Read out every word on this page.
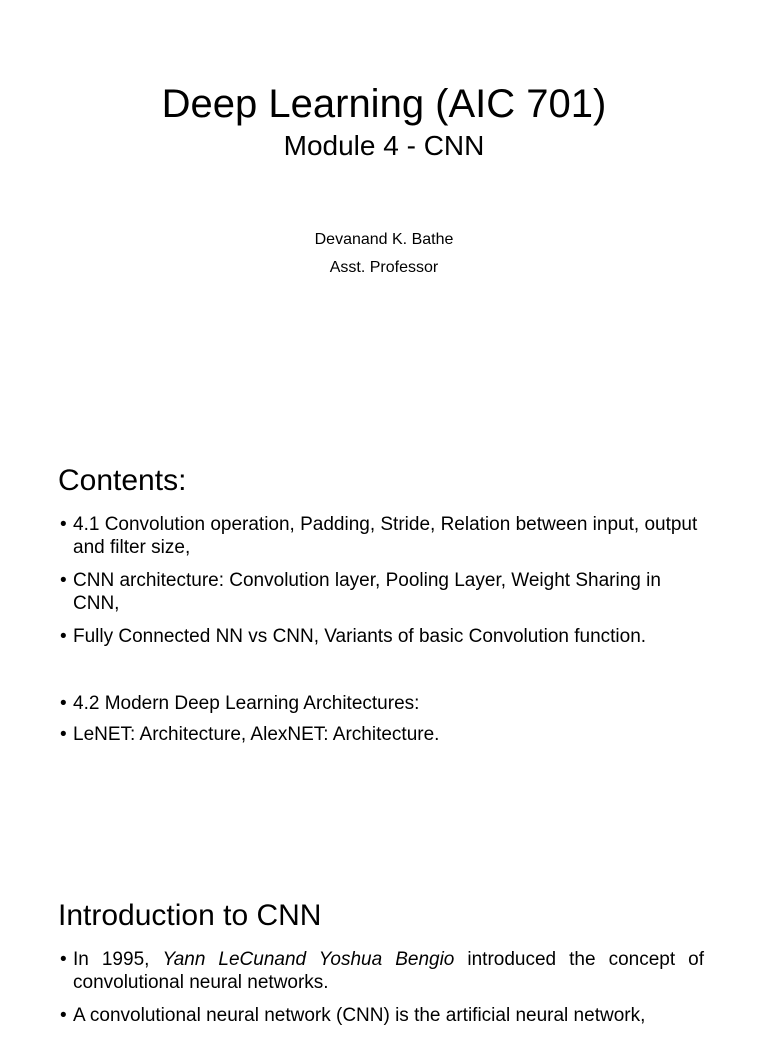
Deep Learning (AIC 701)
Module 4 - CNN
Devanand K. Bathe
Asst. Professor
Contents:
• 4.1 Convolution operation, Padding, Stride, Relation between input, output and filter size,
• CNN architecture: Convolution layer, Pooling Layer, Weight Sharing in CNN,
• Fully Connected NN vs CNN, Variants of basic Convolution function.
• 4.2 Modern Deep Learning Architectures:
• LeNET: Architecture, AlexNET: Architecture.
Introduction to CNN
• In 1995, Yann LeCunand Yoshua Bengio introduced the concept of convolutional neural networks.
• A convolutional neural network (CNN) is the artificial neural network,
